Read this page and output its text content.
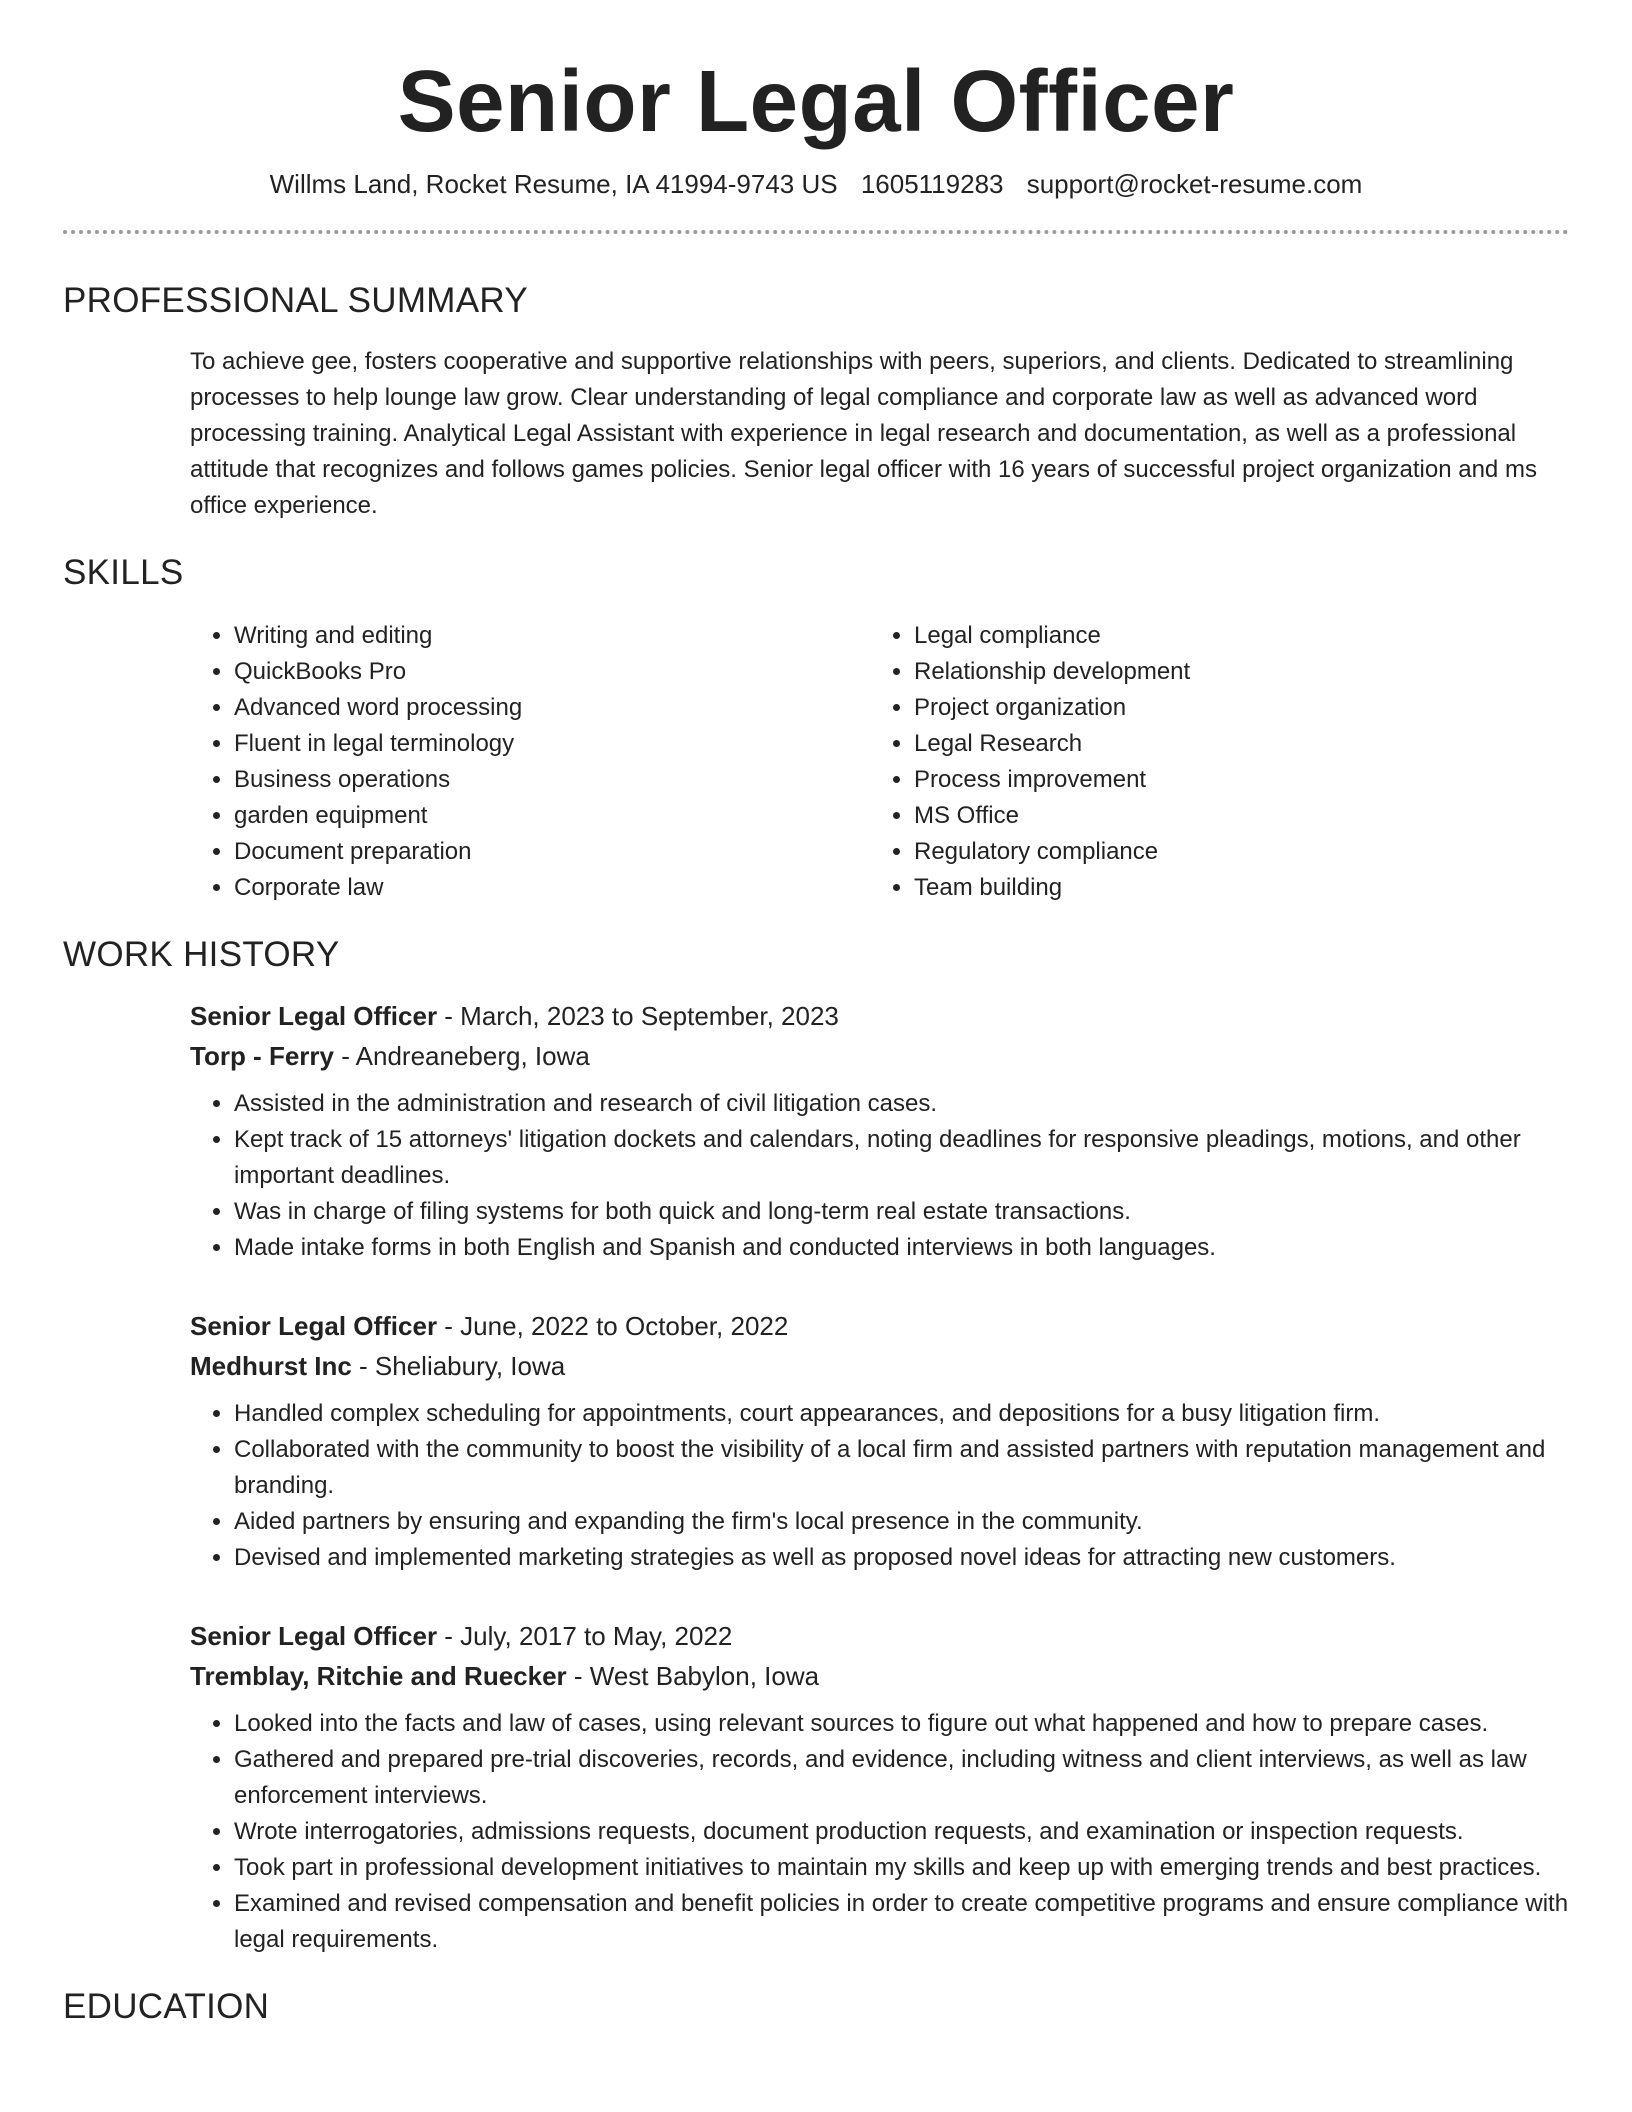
Senior Legal Officer
Willms Land, Rocket Resume, IA 41994-9743 US 1605119283 support@rocket-resume.com
PROFESSIONAL SUMMARY

To achieve gee, fosters cooperative and supportive relationships with peers, superiors, and clients. Dedicated to streamlining processes to help lounge law grow. Clear understanding of legal compliance and corporate law as well as advanced word processing training. Analytical Legal Assistant with experience in legal research and documentation, as well as a professional attitude that recognizes and follows games policies. Senior legal officer with 16 years of successful project organization and ms office experience.

SKILLS
• Writing and editing
• QuickBooks Pro
• Advanced word processing
• Fluent in legal terminology
• Business operations
• garden equipment
• Document preparation
• Corporate law
• Legal compliance
• Relationship development
• Project organization
• Legal Research
• Process improvement
• MS Office
• Regulatory compliance
• Team building
WORK HISTORY
Senior Legal Officer - March, 2023 to September, 2023
Torp - Ferry - Andreaneberg, Iowa
• Assisted in the administration and research of civil litigation cases.
• Kept track of 15 attorneys' litigation dockets and calendars, noting deadlines for responsive pleadings, motions, and other important deadlines.
• Was in charge of filing systems for both quick and long-term real estate transactions.
• Made intake forms in both English and Spanish and conducted interviews in both languages.
Senior Legal Officer - June, 2022 to October, 2022
Medhurst Inc - Sheliabury, Iowa
• Handled complex scheduling for appointments, court appearances, and depositions for a busy litigation firm.
• Collaborated with the community to boost the visibility of a local firm and assisted partners with reputation management and branding.
• Aided partners by ensuring and expanding the firm's local presence in the community.
• Devised and implemented marketing strategies as well as proposed novel ideas for attracting new customers.
Senior Legal Officer - July, 2017 to May, 2022
Tremblay, Ritchie and Ruecker - West Babylon, Iowa
• Looked into the facts and law of cases, using relevant sources to figure out what happened and how to prepare cases.
• Gathered and prepared pre-trial discoveries, records, and evidence, including witness and client interviews, as well as law enforcement interviews.
• Wrote interrogatories, admissions requests, document production requests, and examination or inspection requests.
• Took part in professional development initiatives to maintain my skills and keep up with emerging trends and best practices.
• Examined and revised compensation and benefit policies in order to create competitive programs and ensure compliance with legal requirements.
EDUCATION
